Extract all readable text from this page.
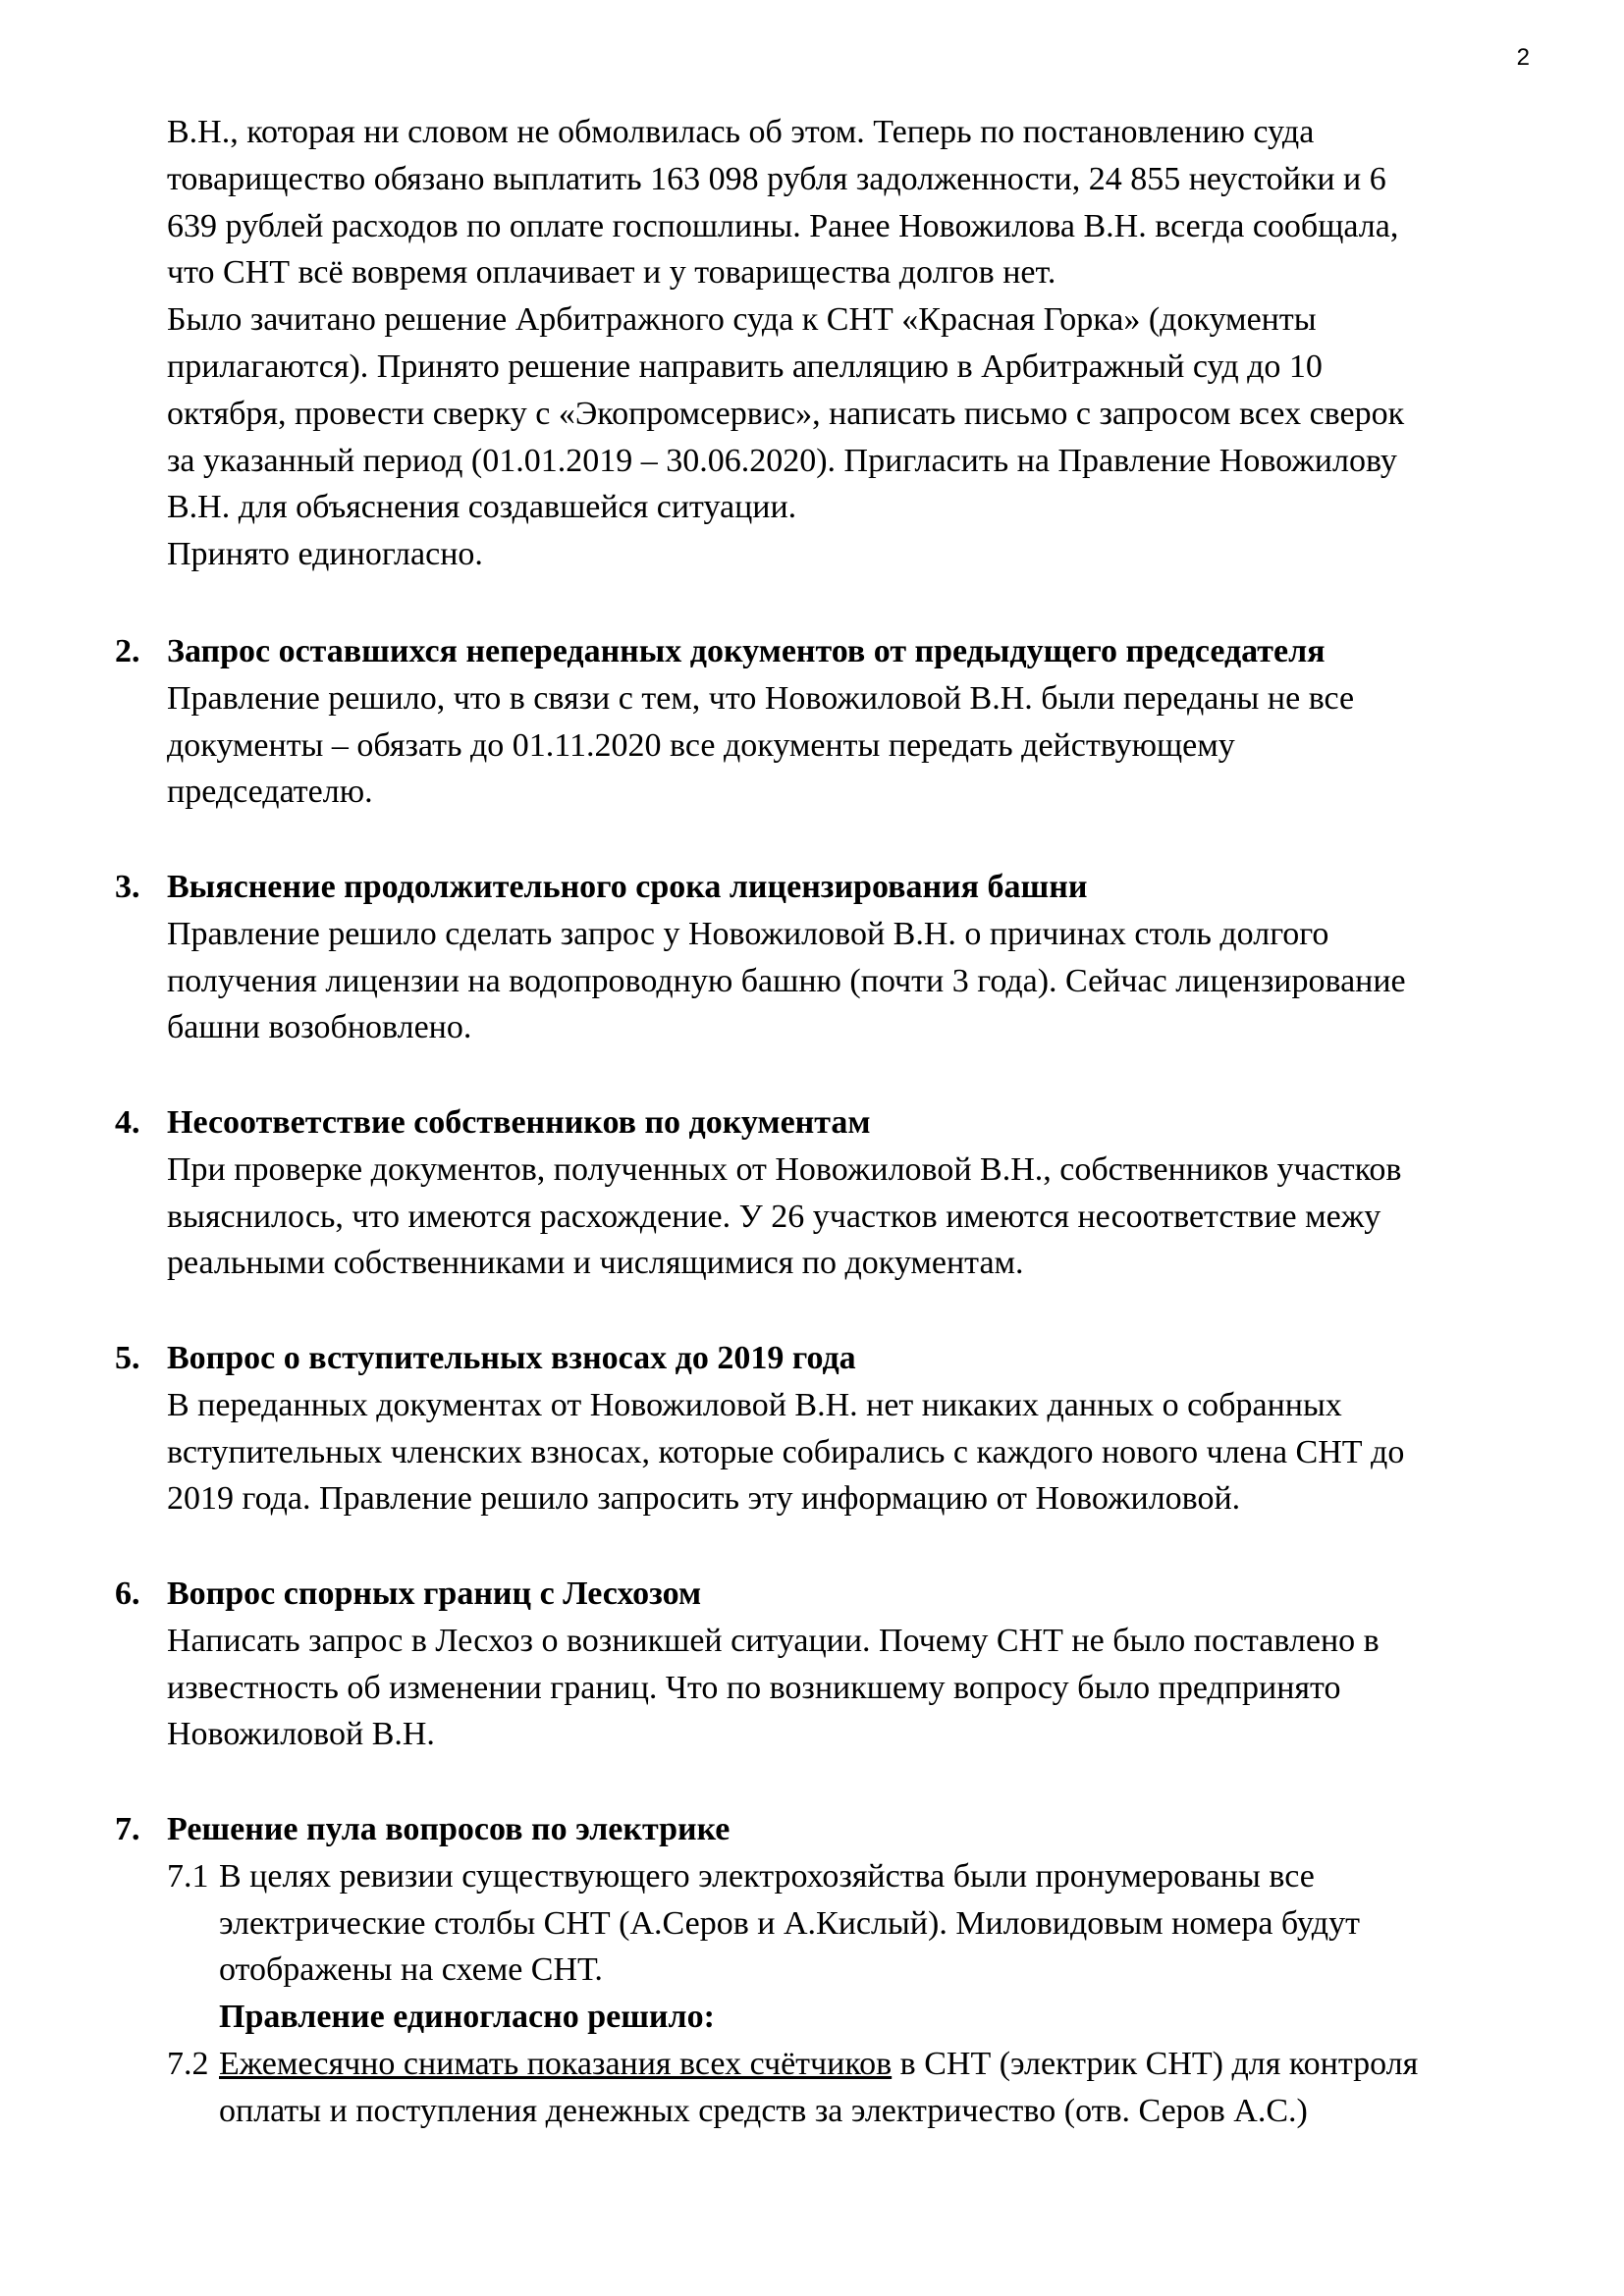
2

В.Н., которая ни словом не обмолвилась об этом. Теперь по постановлению суда

товарищество обязано выплатить 163 098 рубля задолженности, 24 855 неустойки и 6

639 рублей расходов по оплате госпошлины. Ранее Новожилова В.Н. всегда сообщала,

что СНТ всё вовремя оплачивает и у товарищества долгов нет.

Было зачитано решение Арбитражного суда к СНТ «Красная Горка» (документы

прилагаются). Принято решение направить апелляцию в Арбитражный суд до 10

октября, провести сверку с «Экопромсервис», написать письмо с запросом всех сверок

за указанный период (01.01.2019 – 30.06.2020). Пригласить на Правление Новожилову

В.Н. для объяснения создавшейся ситуации.

Принято единогласно.

2. Запрос оставшихся непереданных документов от предыдущего председателя
Правление решило, что в связи с тем, что Новожиловой В.Н. были переданы не все
документы – обязать до 01.11.2020 все документы передать действующему
председателю.
3. Выяснение продолжительного срока лицензирования башни
Правление решило сделать запрос у Новожиловой В.Н. о причинах столь долгого
получения лицензии на водопроводную башню (почти 3 года). Сейчас лицензирование
башни возобновлено.
4. Несоответствие собственников по документам
При проверке документов, полученных от Новожиловой В.Н., собственников участков
выяснилось, что имеются расхождение. У 26 участков имеются несоответствие межу
реальными собственниками и числящимися по документам.
5. Вопрос о вступительных взносах до 2019 года
В переданных документах от Новожиловой В.Н. нет никаких данных о собранных
вступительных членских взносах, которые собирались с каждого нового члена СНТ до
2019 года. Правление решило запросить эту информацию от Новожиловой.
6. Вопрос спорных границ с Лесхозом
Написать запрос в Лесхоз о возникшей ситуации. Почему СНТ не было поставлено в
известность об изменении границ. Что по возникшему вопросу было предпринято
Новожиловой В.Н.
7. Решение пула вопросов по электрике
7.1 В целях ревизии существующего электрохозяйства были пронумерованы все
электрические столбы СНТ (А.Серов и А.Кислый). Миловидовым номера будут
отображены на схеме СНТ.
Правление единогласно решило:
7.2 Ежемесячно снимать показания всех счётчиков в СНТ (электрик СНТ) для контроля
оплаты и поступления денежных средств за электричество (отв. Серов А.С.)
